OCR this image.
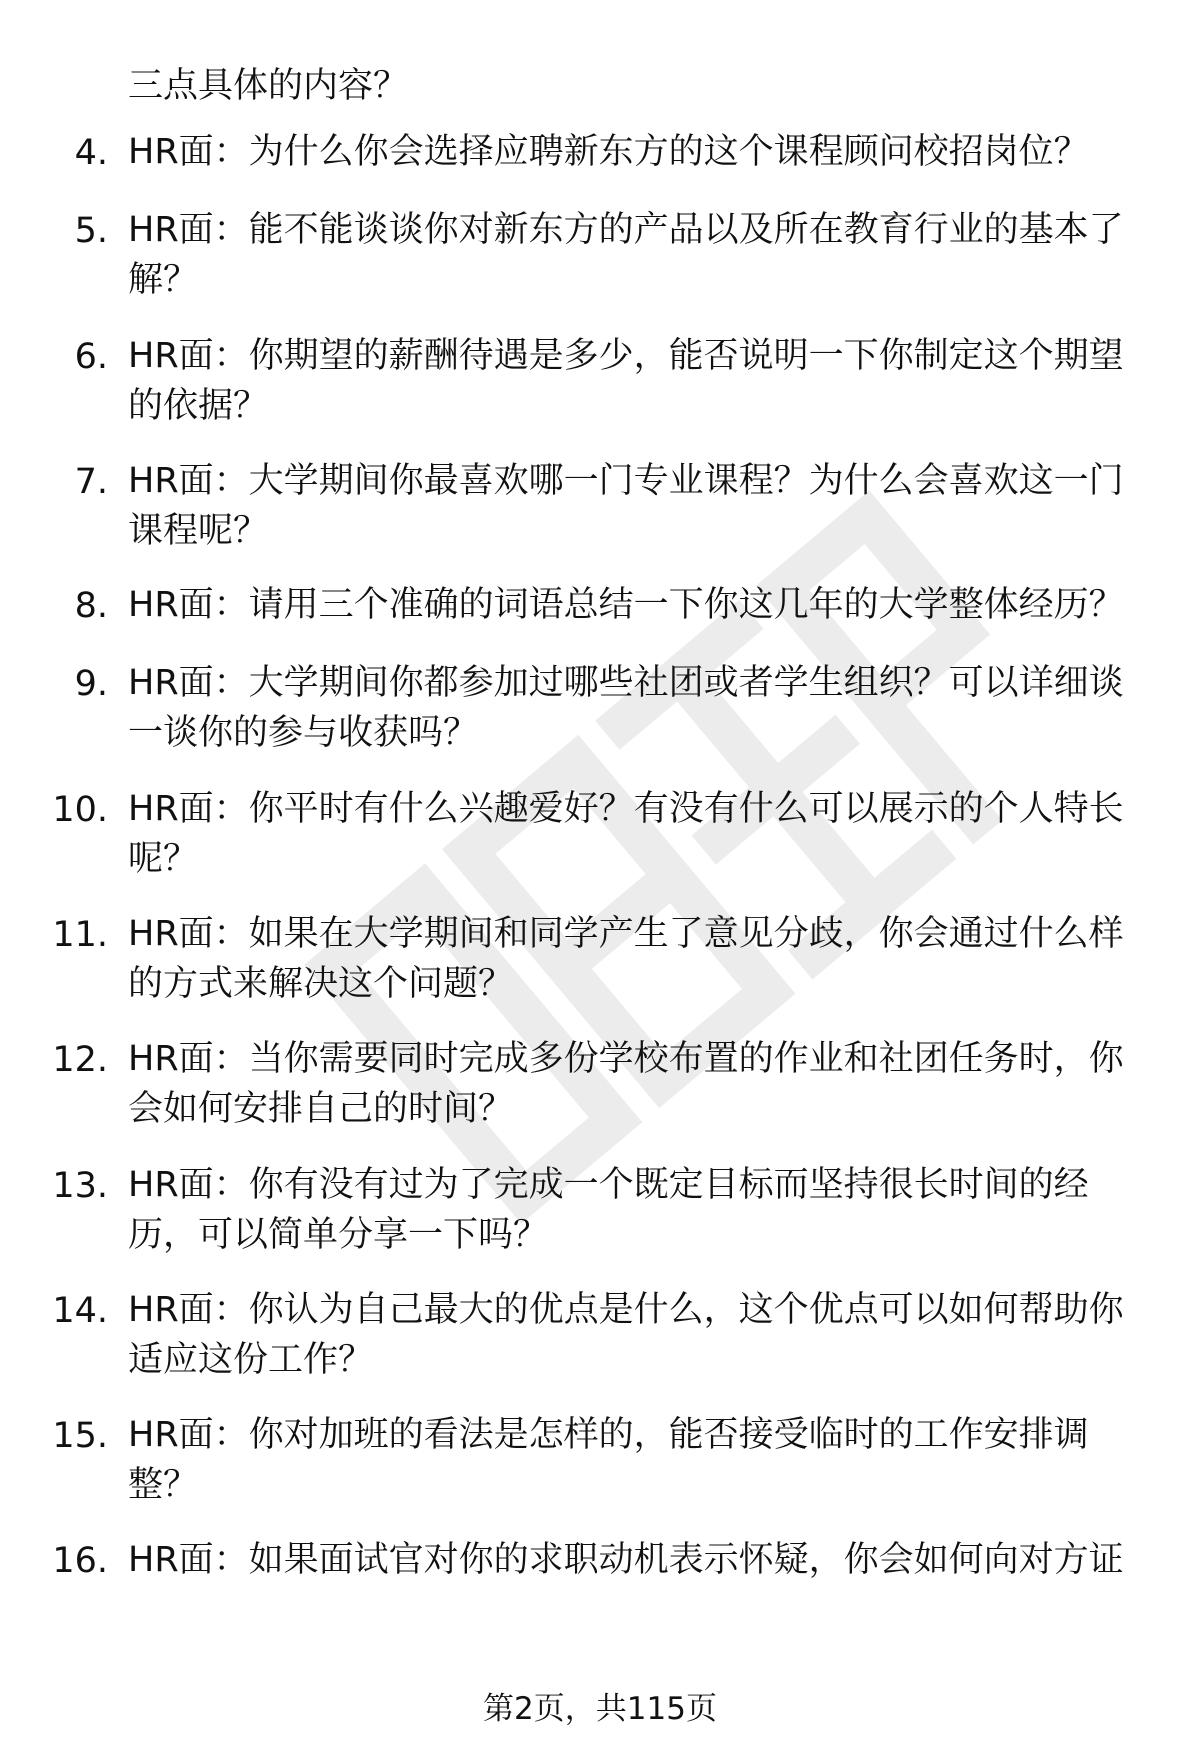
三点具体的内容？

4. HR面：为什么你会选择应聘新东方的这个课程顾问校招岗位？

5. HR面：能不能谈谈你对新东方的产品以及所在教育行业的基本了解？

6. HR面：你期望的薪酬待遇是多少，能否说明一下你制定这个期望的依据？

7. HR面：大学期间你最喜欢哪一门专业课程？为什么会喜欢这一门课程呢？

8. HR面：请用三个准确的词语总结一下你这几年的大学整体经历？

9. HR面：大学期间你都参加过哪些社团或者学生组织？可以详细谈一谈你的参与收获吗？

10. HR面：你平时有什么兴趣爱好？有没有什么可以展示的个人特长呢？

11. HR面：如果在大学期间和同学产生了意见分歧，你会通过什么样的方式来解决这个问题？

12. HR面：当你需要同时完成多份学校布置的作业和社团任务时，你会如何安排自己的时间？

13. HR面：你有没有过为了完成一个既定目标而坚持很长时间的经历，可以简单分享一下吗？

14. HR面：你认为自己最大的优点是什么，这个优点可以如何帮助你适应这份工作？

15. HR面：你对加班的看法是怎样的，能否接受临时的工作安排调整？

16. HR面：如果面试官对你的求职动机表示怀疑，你会如何向对方证

第2页，共115页
